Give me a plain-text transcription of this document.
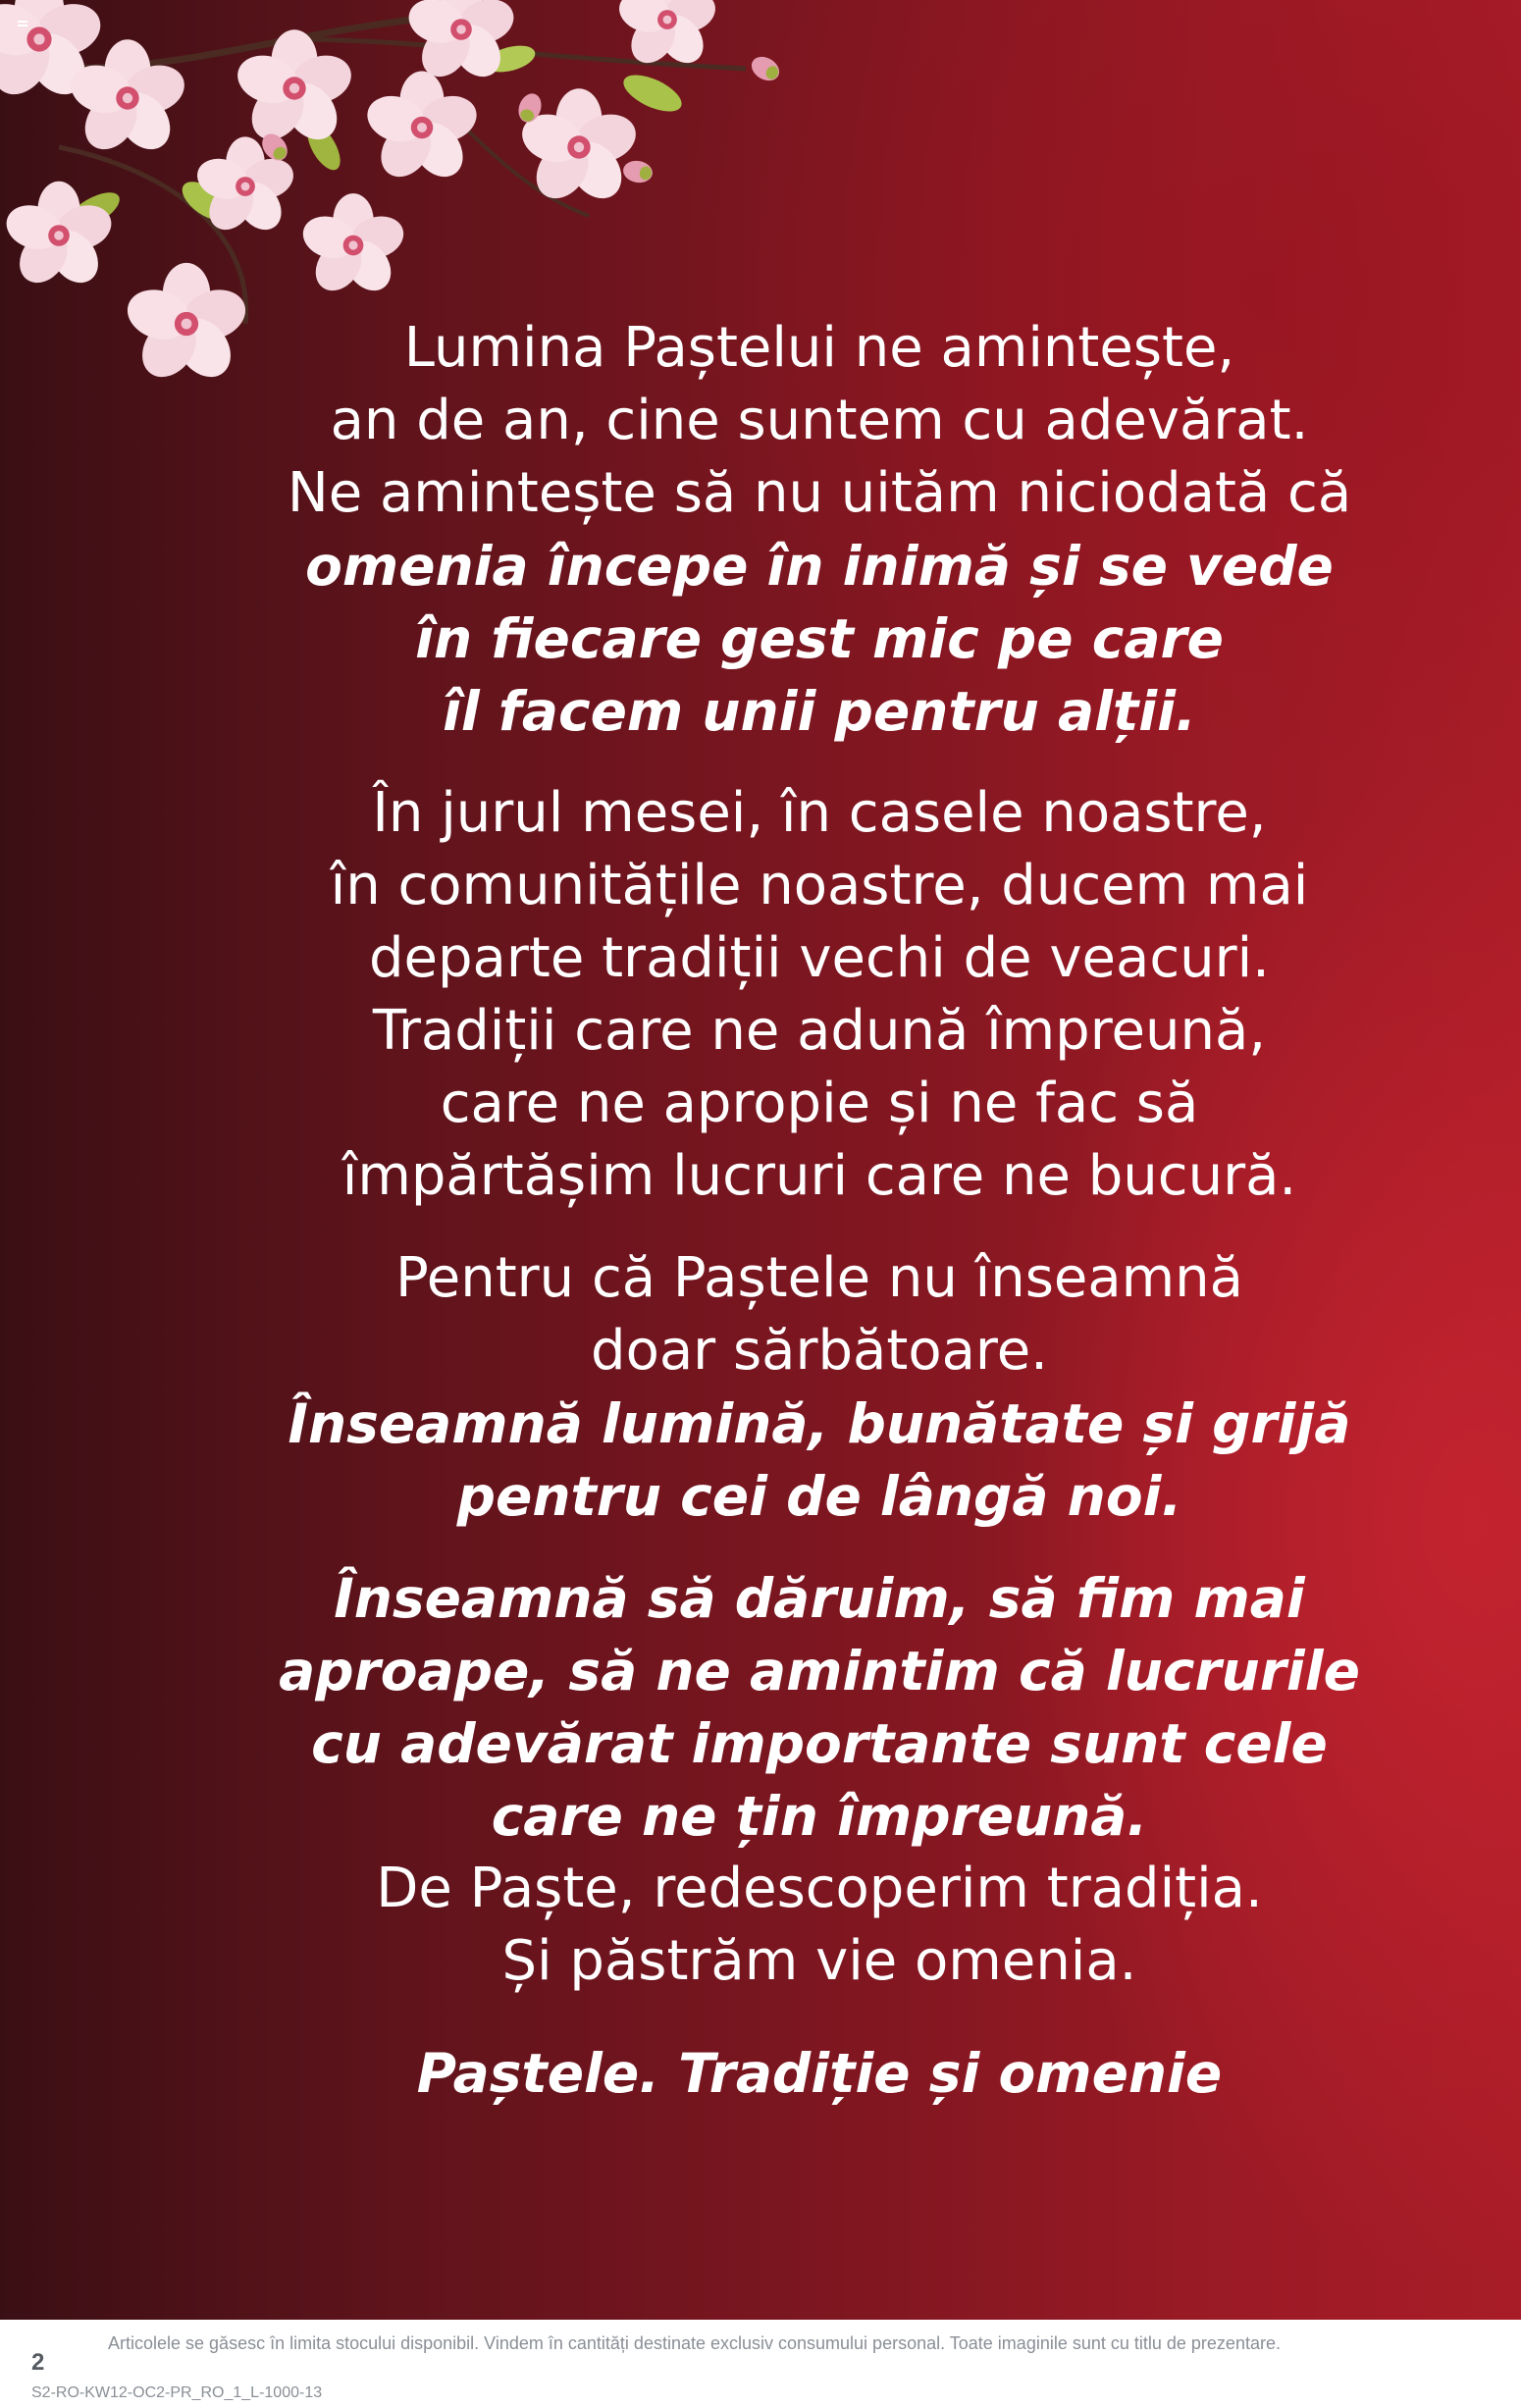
Lumina Paștelui ne amintește,
an de an, cine suntem cu adevărat.
Ne amintește să nu uităm niciodată că
omenia începe în inimă și se vede
în fiecare gest mic pe care
îl facem unii pentru alții.

În jurul mesei, în casele noastre,
în comunitățile noastre, ducem mai
departe tradiții vechi de veacuri.
Tradiții care ne adună împreună,
care ne apropie și ne fac să
împărtășim lucruri care ne bucură.

Pentru că Paștele nu înseamnă
doar sărbătoare.
Înseamnă lumină, bunătate și grijă
pentru cei de lângă noi.

Înseamnă să dăruim, să fim mai
aproape, să ne amintim că lucrurile
cu adevărat importante sunt cele
care ne țin împreună.
De Paște, redescoperim tradiția.
Și păstrăm vie omenia.

Paștele. Tradiție și omenie

2
Articolele se găsesc în limita stocului disponibil. Vindem în cantități destinate exclusiv consumului personal. Toate imaginile sunt cu titlu de prezentare.
S2-RO-KW12-OC2-PR_RO_1_L-1000-13
